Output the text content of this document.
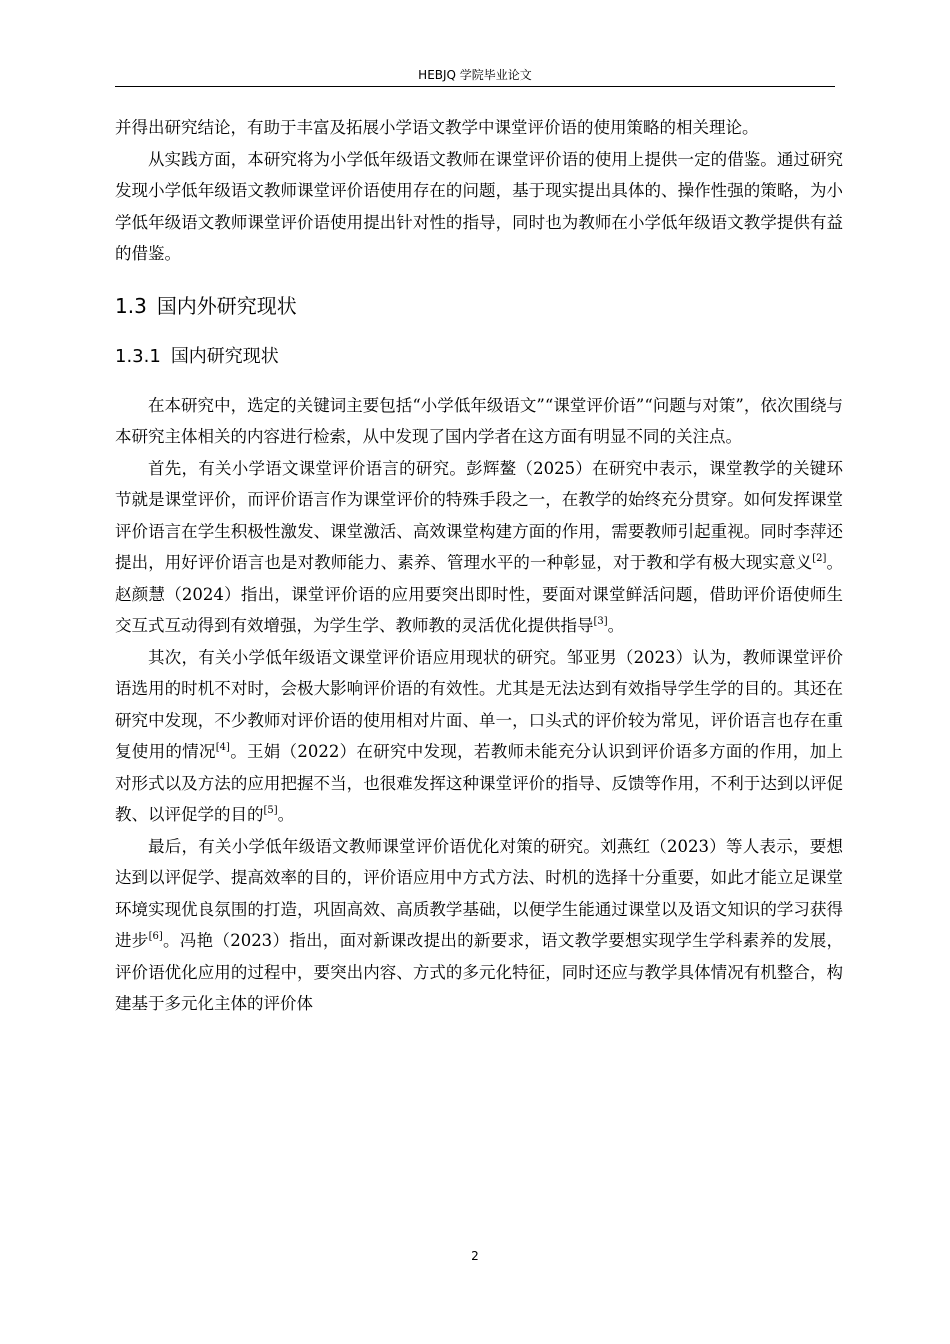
HEBJQ 学院毕业论文

并得出研究结论，有助于丰富及拓展小学语文教学中课堂评价语的使用策略的相关理论。

从实践方面，本研究将为小学低年级语文教师在课堂评价语的使用上提供一定的借鉴。通过研究发现小学低年级语文教师课堂评价语使用存在的问题，基于现实提出具体的、操作性强的策略，为小学低年级语文教师课堂评价语使用提出针对性的指导，同时也为教师在小学低年级语文教学提供有益的借鉴。

1.3 国内外研究现状
1.3.1 国内研究现状

在本研究中，选定的关键词主要包括“小学低年级语文”“课堂评价语”“问题与对策”，依次围绕与本研究主体相关的内容进行检索，从中发现了国内学者在这方面有明显不同的关注点。

首先，有关小学语文课堂评价语言的研究。彭辉鳌（2025）在研究中表示，课堂教学的关键环节就是课堂评价，而评价语言作为课堂评价的特殊手段之一，在教学的始终充分贯穿。如何发挥课堂评价语言在学生积极性激发、课堂激活、高效课堂构建方面的作用，需要教师引起重视。同时李萍还提出，用好评价语言也是对教师能力、素养、管理水平的一种彰显，对于教和学有极大现实意义[2]。赵颜慧（2024）指出，课堂评价语的应用要突出即时性，要面对课堂鲜活问题，借助评价语使师生交互式互动得到有效增强，为学生学、教师教的灵活优化提供指导[3]。

其次，有关小学低年级语文课堂评价语应用现状的研究。邹亚男（2023）认为，教师课堂评价语选用的时机不对时，会极大影响评价语的有效性。尤其是无法达到有效指导学生学的目的。其还在研究中发现，不少教师对评价语的使用相对片面、单一，口头式的评价较为常见，评价语言也存在重复使用的情况[4]。王娟（2022）在研究中发现，若教师未能充分认识到评价语多方面的作用，加上对形式以及方法的应用把握不当，也很难发挥这种课堂评价的指导、反馈等作用，不利于达到以评促教、以评促学的目的[5]。

最后，有关小学低年级语文教师课堂评价语优化对策的研究。刘燕红（2023）等人表示，要想达到以评促学、提高效率的目的，评价语应用中方式方法、时机的选择十分重要，如此才能立足课堂环境实现优良氛围的打造，巩固高效、高质教学基础，以便学生能通过课堂以及语文知识的学习获得进步[6]。冯艳（2023）指出，面对新课改提出的新要求，语文教学要想实现学生学科素养的发展，评价语优化应用的过程中，要突出内容、方式的多元化特征，同时还应与教学具体情况有机整合，构建基于多元化主体的评价体

2
